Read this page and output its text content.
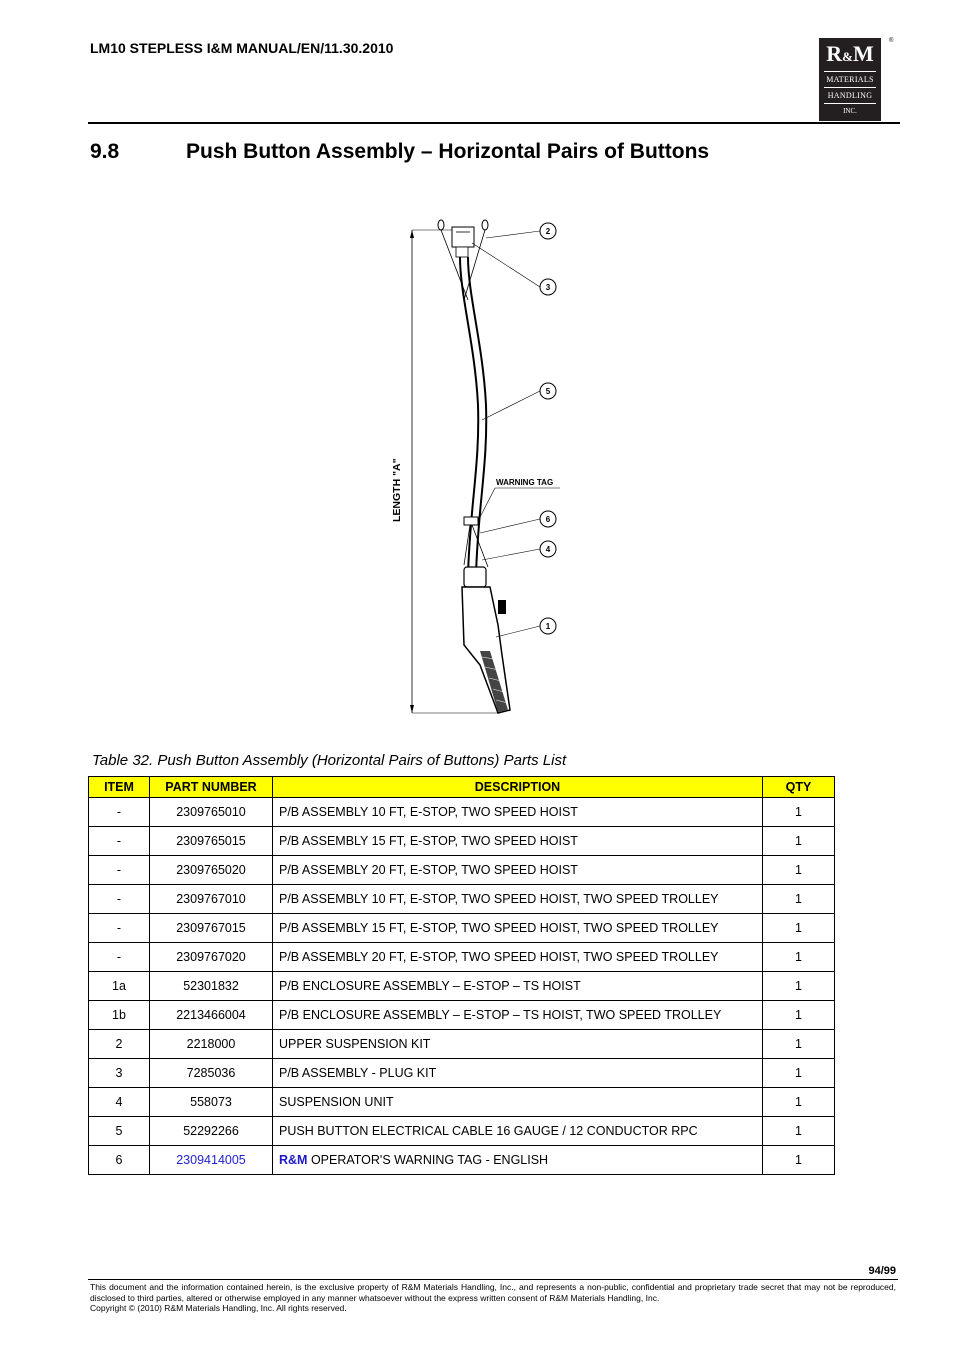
LM10 STEPLESS I&M MANUAL/EN/11.30.2010	R&M
MATERIALS
HANDLING
INC.
®
9.8	Push Button Assembly – Horizontal Pairs of Buttons
LENGTH "A"	WARNING TAG
2
3
5
6
4
1
Table 32. Push Button Assembly (Horizontal Pairs of Buttons) Parts List
ITEM	PART NUMBER	DESCRIPTION	QTY
-	2309765010	P/B ASSEMBLY 10 FT, E-STOP, TWO SPEED HOIST	1
-	2309765015	P/B ASSEMBLY 15 FT, E-STOP, TWO SPEED HOIST	1
-	2309765020	P/B ASSEMBLY 20 FT, E-STOP, TWO SPEED HOIST	1
-	2309767010	P/B ASSEMBLY 10 FT, E-STOP, TWO SPEED HOIST, TWO SPEED TROLLEY	1
-	2309767015	P/B ASSEMBLY 15 FT, E-STOP, TWO SPEED HOIST, TWO SPEED TROLLEY	1
-	2309767020	P/B ASSEMBLY 20 FT, E-STOP, TWO SPEED HOIST, TWO SPEED TROLLEY	1
1a	52301832	P/B ENCLOSURE ASSEMBLY – E-STOP – TS HOIST	1
1b	2213466004	P/B ENCLOSURE ASSEMBLY – E-STOP – TS HOIST, TWO SPEED TROLLEY	1
2	2218000	UPPER SUSPENSION KIT	1
3	7285036	P/B ASSEMBLY - PLUG KIT	1
4	558073	SUSPENSION UNIT	1
5	52292266	PUSH BUTTON ELECTRICAL CABLE 16 GAUGE / 12 CONDUCTOR RPC	1
6	2309414005	R&M OPERATOR'S WARNING TAG - ENGLISH	1
94/99
This document and the information contained herein, is the exclusive property of R&M Materials Handling, Inc., and represents a non-public, confidential and proprietary trade secret that may not be reproduced, disclosed to third parties, altered or otherwise employed in any manner whatsoever without the express written consent of R&M Materials Handling, Inc.
Copyright © (2010) R&M Materials Handling, Inc. All rights reserved.
